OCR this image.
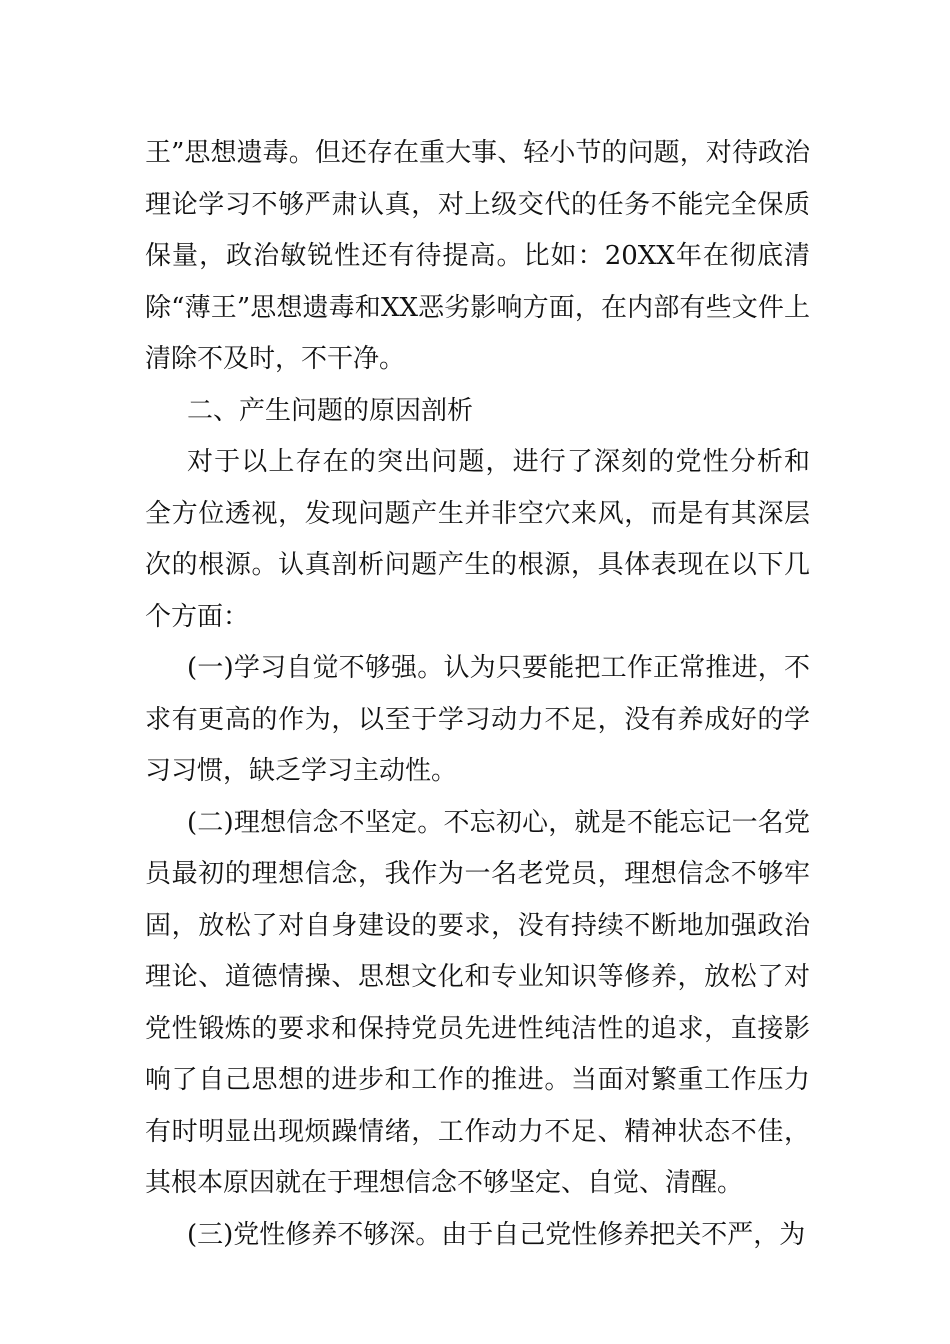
王”思想遗毒。但还存在重大事、轻小节的问题，对待政治理论学习不够严肃认真，对上级交代的任务不能完全保质保量，政治敏锐性还有待提高。比如：20XX年在彻底清除“薄王”思想遗毒和XX恶劣影响方面，在内部有些文件上清除不及时，不干净。

二、产生问题的原因剖析

对于以上存在的突出问题，进行了深刻的党性分析和全方位透视，发现问题产生并非空穴来风，而是有其深层次的根源。认真剖析问题产生的根源，具体表现在以下几个方面：

(一)学习自觉不够强。认为只要能把工作正常推进，不求有更高的作为，以至于学习动力不足，没有养成好的学习习惯，缺乏学习主动性。

(二)理想信念不坚定。不忘初心，就是不能忘记一名党员最初的理想信念，我作为一名老党员，理想信念不够牢固，放松了对自身建设的要求，没有持续不断地加强政治理论、道德情操、思想文化和专业知识等修养，放松了对党性锻炼的要求和保持党员先进性纯洁性的追求，直接影响了自己思想的进步和工作的推进。当面对繁重工作压力有时明显出现烦躁情绪，工作动力不足、精神状态不佳，其根本原因就在于理想信念不够坚定、自觉、清醒。

(三)党性修养不够深。由于自己党性修养把关不严，为
